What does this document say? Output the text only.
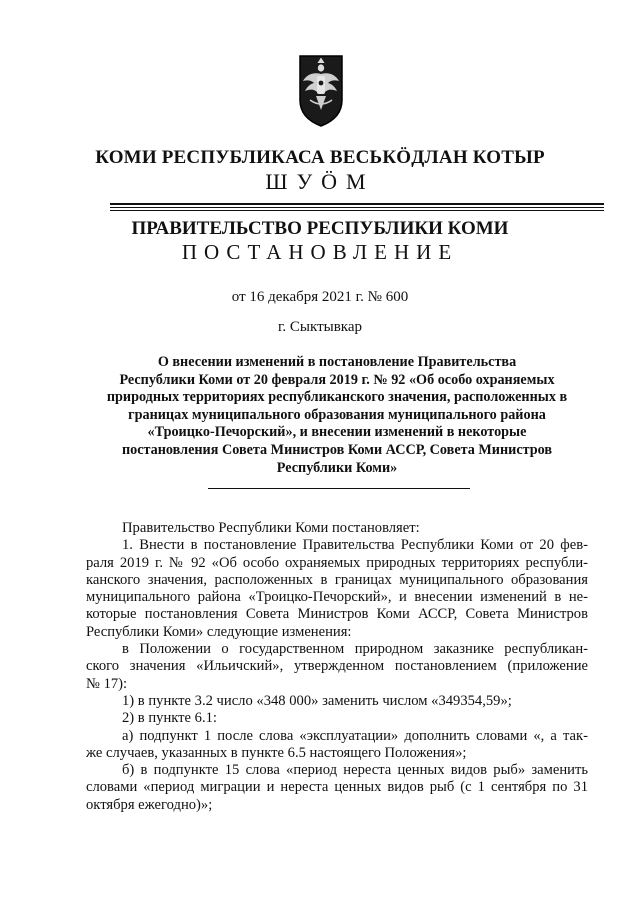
КОМИ РЕСПУБЛИКАСА ВЕСЬКӦДЛАН КОТЫР
ШУӦМ
ПРАВИТЕЛЬСТВО РЕСПУБЛИКИ КОМИ
ПОСТАНОВЛЕНИЕ
от 16 декабря 2021 г. № 600
г. Сыктывкар
О внесении изменений в постановление Правительства
Республики Коми от 20 февраля 2019 г. № 92 «Об особо охраняемых
природных территориях республиканского значения, расположенных в
границах муниципального образования муниципального района
«Троицко-Печорский», и внесении изменений в некоторые
постановления Совета Министров Коми АССР, Совета Министров
Республики Коми»
Правительство Республики Коми постановляет:
1. Внести в постановление Правительства Республики Коми от 20 фев-
раля 2019 г. № 92 «Об особо охраняемых природных территориях республи-
канского значения, расположенных в границах муниципального образования
муниципального района «Троицко-Печорский», и внесении изменений в не-
которые постановления Совета Министров Коми АССР, Совета Министров
Республики Коми» следующие изменения:
в Положении о государственном природном заказнике республикан-
ского значения «Ильичский», утвержденном постановлением (приложение
№ 17):
1) в пункте 3.2 число «348 000» заменить числом «349354,59»;
2) в пункте 6.1:
а) подпункт 1 после слова «эксплуатации» дополнить словами «, а так-
же случаев, указанных в пункте 6.5 настоящего Положения»;
б) в подпункте 15 слова «период нереста ценных видов рыб» заменить
словами «период миграции и нереста ценных видов рыб (с 1 сентября по 31
октября ежегодно)»;
